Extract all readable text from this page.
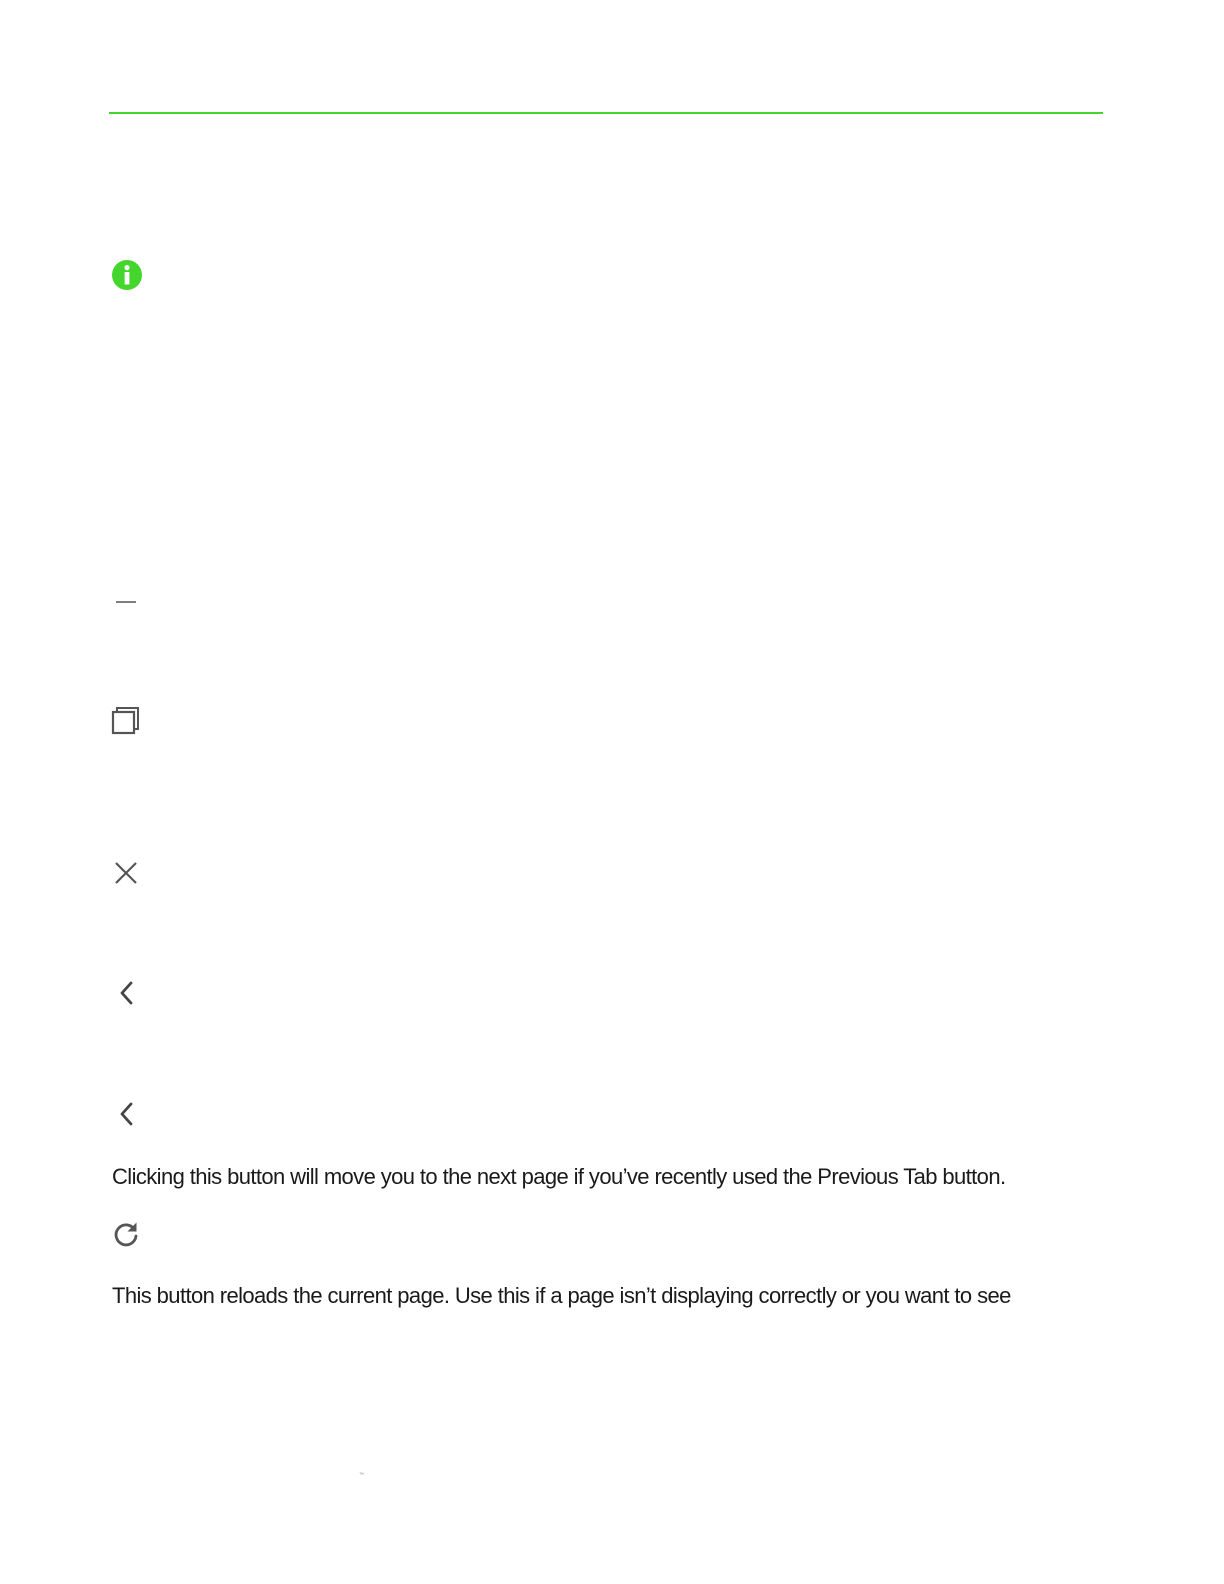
Clicking this button will move you to the next page if you’ve recently used the Previous Tab button.

This button reloads the current page. Use this if a page isn’t displaying correctly or you want to see

™
